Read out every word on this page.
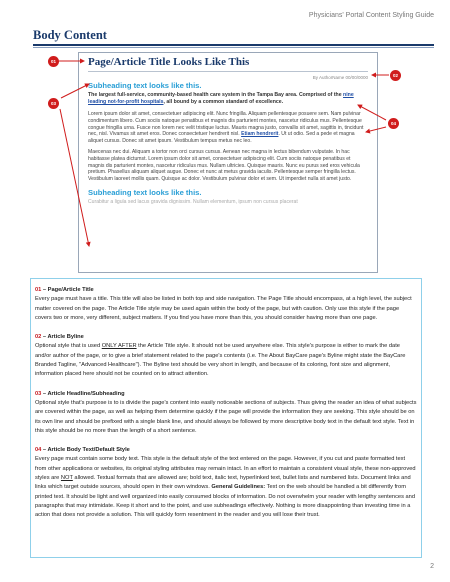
Physicians' Portal Content Styling Guide
Body Content
Page/Article Title Looks Like This
By AuthorName 00/00/0000
Subheading text looks like this.
The largest full-service, community-based health care system in the Tampa Bay area. Comprised of the nine leading not-for-profit hospitals, all bound by a common standard of excellence.
Lorem ipsum dolor sit amet, consectetuer adipiscing elit. Nunc fringilla. Aliquam pellentesque posuere sem. Nam pulvinar condimentum libero. Cum sociis natoque penatibus et magnis dis parturient montes, nascetur ridiculus mus. Pellentesque congue fringilla urna. Fusce non lorem nec velit tristique luctus. Mauris magna justo, convallis sit amet, sagittis in, tincidunt nec, nisl. Vivamus sit amet eros. Donec consectetuer hendrerit nisl. Etiam hendrerit. Ut ut odio. Sed a pede et magna aliquet cursus. Donec sit amet ipsum. Vestibulum tempus metus nec leo.
Maecenas nec dui. Aliquam a tortor non orci cursus cursus. Aenean nec magna in lectus bibendum vulputate. In hac habitasse platea dictumst. Lorem ipsum dolor sit amet, consectetuer adipiscing elit. Cum sociis natoque penatibus et magnis dis parturient montes, nascetur ridiculus mus. Nullam ultricies. Quisque mauris. Nunc eu purus sed eros vehicula pretium. Phasellus aliquam aliquet augue. Donec et nunc at metus gravida iaculis. Pellentesque semper fringilla lectus. Vestibulum laoreet mollis quam. Quisque ac dolor. Vestibulum pulvinar dolor et sem. Ut imperdiet nulla sit amet justo.
Subheading text looks like this.
Curabitur a ligula sed lacus gravida dignissim. Nullam elementum, ipsum non cursus placerat
01
02
03
04

01 – Page/Article Title
Every page must have a title. This title will also be listed in both top and side navigation. The Page Title should encompass, at a high level, the subject matter covered on the page. The Article Title style may be used again within the body of the page, but with caution. Only use this style if the page covers two or more, very different, subject matters. If you find you have more than this, you should consider having more than one page.

02 – Article Byline
Optional style that is used ONLY AFTER the Article Title style. It should not be used anywhere else. This style's purpose is either to mark the date and/or author of the page, or to give a brief statement related to the page's contents (i.e. The About BayCare page's Byline might state the BayCare Branded Tagline, "Advanced Healthcare"). The Byline text should be very short in length, and because of its coloring, font size and alignment, information placed here should not be counted on to attract attention.

03 – Article Headline/Subheading
Optional style that's purpose is to is divide the page's content into easily noticeable sections of subjects. Thus giving the reader an idea of what subjects are covered within the page, as well as helping them determine quickly if the page will provide the information they are seeking. This style should be on its own line and should be prefixed with a single blank line, and should always be followed by more descriptive body text in the default text style. Text in this style should be no more than the length of a short sentence.

04 – Article Body Text/Default Style
Every page must contain some body text. This style is the default style of the text entered on the page. However, if you cut and paste formatted text from other applications or websites, its original styling attributes may remain intact. In an effort to maintain a consistent visual style, these non-approved styles are NOT allowed. Textual formats that are allowed are; bold text, italic text, hyperlinked text, bullet lists and numbered lists. Document links and links which target outside sources, should open in their own windows. General Guidelines: Text on the web should be handled a bit differently from printed text. It should be light and well organized into easily consumed blocks of information. Do not overwhelm your reader with lengthy sentences and paragraphs that may intimidate. Keep it short and to the point, and use subheadings effectively. Nothing is more disappointing than investing time in a action that does not provide a solution. This will quickly form resentment in the reader and you will lose their trust.

2
